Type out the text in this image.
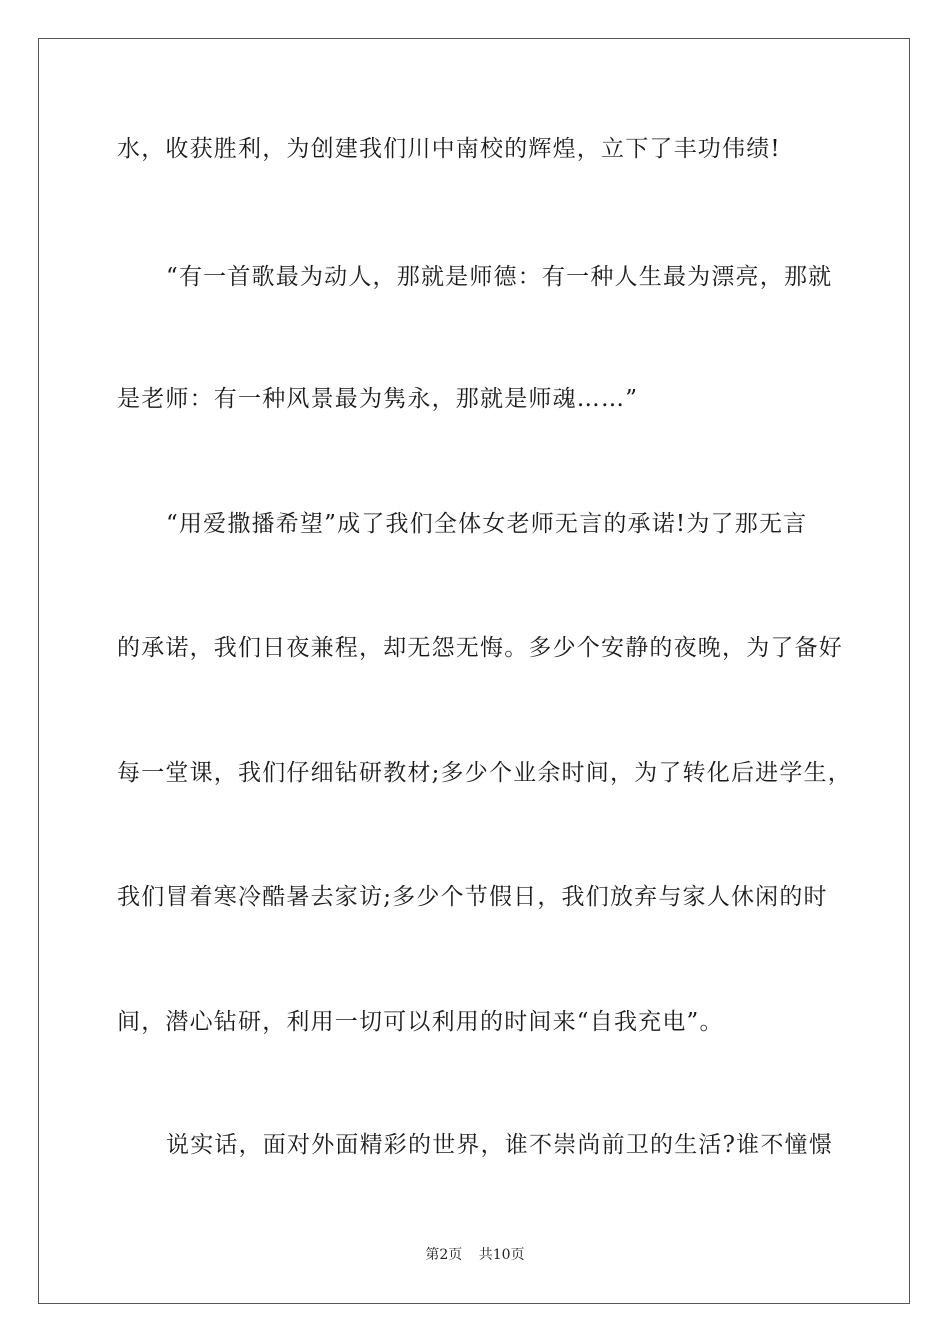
水，收获胜利，为创建我们川中南校的辉煌，立下了丰功伟绩!
“有一首歌最为动人，那就是师德：有一种人生最为漂亮，那就
是老师：有一种风景最为隽永，那就是师魂……”
“用爱撒播希望”成了我们全体女老师无言的承诺!为了那无言
的承诺，我们日夜兼程，却无怨无悔。多少个安静的夜晚，为了备好
每一堂课，我们仔细钻研教材;多少个业余时间，为了转化后进学生，
我们冒着寒冷酷暑去家访;多少个节假日，我们放弃与家人休闲的时
间，潜心钻研，利用一切可以利用的时间来“自我充电”。
说实话，面对外面精彩的世界，谁不崇尚前卫的生活?谁不憧憬
第2页 共10页
